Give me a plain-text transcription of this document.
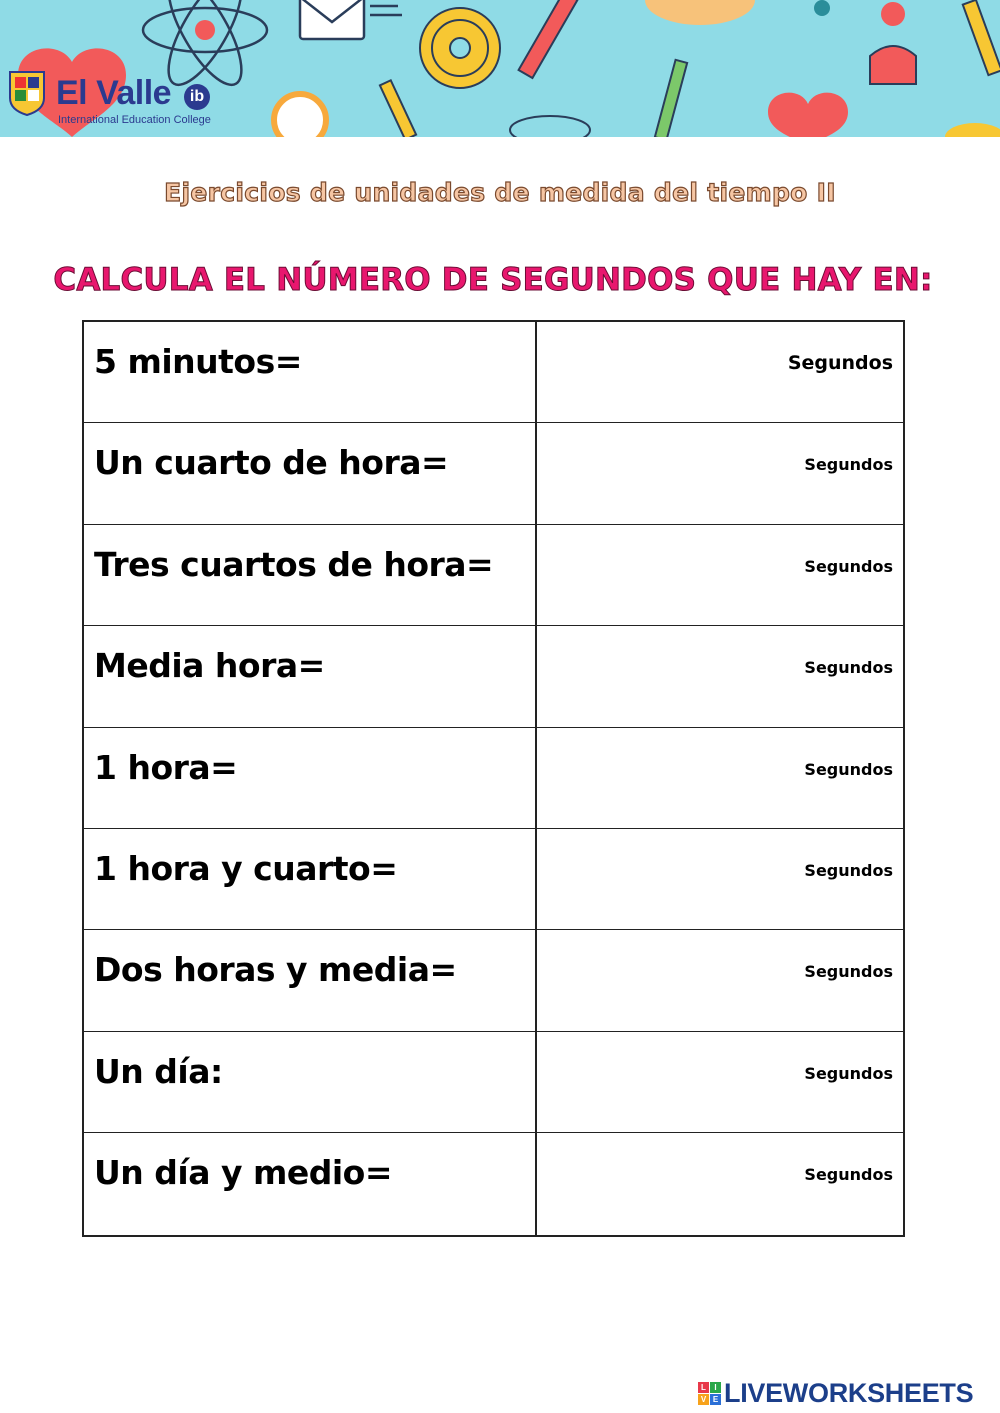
El Valle	ib
International Education College
Ejercicios de unidades de medida del tiempo II
CALCULA EL NÚMERO DE SEGUNDOS QUE HAY EN:
5 minutos=	Segundos
Un cuarto de hora=	Segundos
Tres cuartos de hora=	Segundos
Media hora=	Segundos
1 hora=	Segundos
1 hora y cuarto=	Segundos
Dos horas y media=	Segundos
Un día:	Segundos
Un día y medio=	Segundos
L	I
V E LIVEWORKSHEETS
